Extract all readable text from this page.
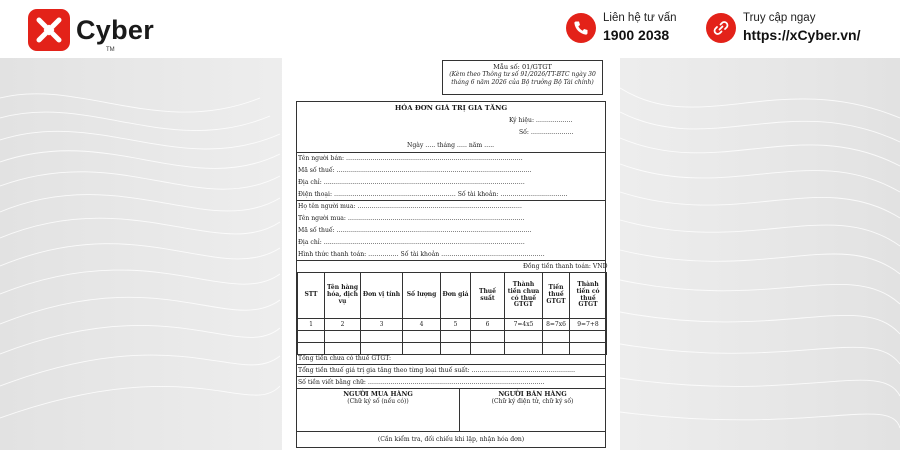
Cyber
TM
Liên hệ tư vấn
1900 2038
Truy cập ngay
https://xCyber.vn/
Mẫu số: 01/GTGT
(Kèm theo Thông tư số 91/2026/TT-BTC ngày 30
tháng 6 năm 2026 của Bộ trưởng Bộ Tài chính)
HÓA ĐƠN GIÁ TRỊ GIA TĂNG
Ký hiệu: ………………
Số: …………………
Ngày ….. tháng ….. năm …..
Tên người bán: ……………………………………………………………………………
Mã số thuế: ……………………………………………………………………………………
Địa chỉ: ………………………………………………………………………………………
Điện thoại: …………………………………………………… Số tài khoản: ……………………………
Họ tên người mua: ………………………………………………………………………
Tên người mua: ……………………………………………………………………………
Mã số thuế: ……………………………………………………………………………………
Địa chỉ: ………………………………………………………………………………………
Hình thức thanh toán: …………… Số tài khoản ……………………………………………
Đồng tiền thanh toán: VND
STT	Tên hàng hóa, dịch vụ	Đơn vị tính	Số lượng	Đơn giá	Thuế suất	Thành tiền chưa có thuế GTGT	Tiền thuế GTGT	Thành tiền có thuế GTGT
1	2	3	4	5	6	7=4x5	8=7x6	9=7+8

Tổng tiền chưa có thuế GTGT:
Tổng tiền thuế giá trị gia tăng theo từng loại thuế suất: ……………………………………………
Số tiền viết bằng chữ: ……………………………………………………………………………
NGƯỜI MUA HÀNG
(Chữ ký số (nếu có))
NGƯỜI BÁN HÀNG
(Chữ ký điện tử, chữ ký số)
(Cần kiểm tra, đối chiếu khi lập, nhận hóa đơn)
